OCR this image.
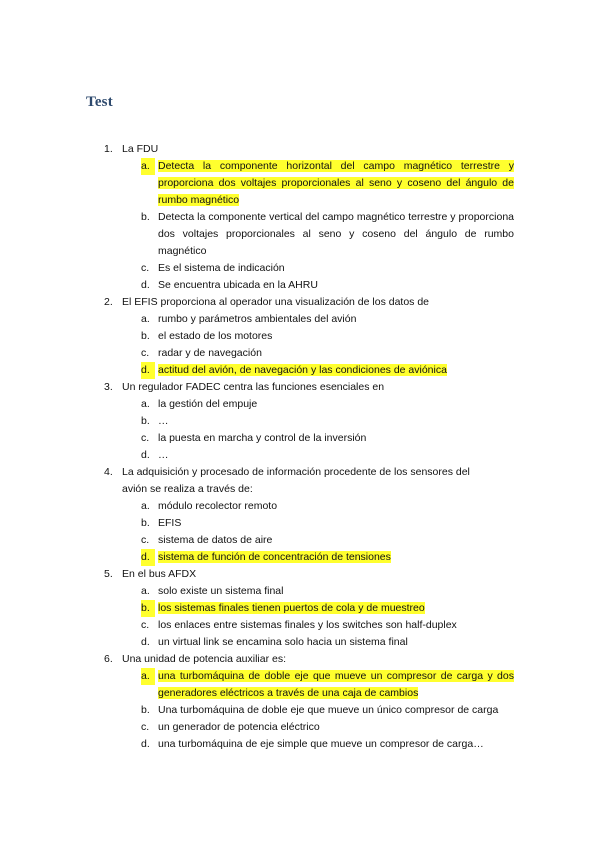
Test
1. La FDU
a. Detecta la componente horizontal del campo magnético terrestre y proporciona dos voltajes proporcionales al seno y coseno del ángulo de rumbo magnético
b. Detecta la componente vertical del campo magnético terrestre y proporciona dos voltajes proporcionales al seno y coseno del ángulo de rumbo magnético
c. Es el sistema de indicación
d. Se encuentra ubicada en la AHRU
2. El EFIS proporciona al operador una visualización de los datos de
a. rumbo y parámetros ambientales del avión
b. el estado de los motores
c. radar y de navegación
d. actitud del avión, de navegación y las condiciones de aviónica
3. Un regulador FADEC centra las funciones esenciales en
a. la gestión del empuje
b. …
c. la puesta en marcha y control de la inversión
d. …
4. La adquisición y procesado de información procedente de los sensores del avión se realiza a través de:
a. módulo recolector remoto
b. EFIS
c. sistema de datos de aire
d. sistema de función de concentración de tensiones
5. En el bus AFDX
a. solo existe un sistema final
b. los sistemas finales tienen puertos de cola y de muestreo
c. los enlaces entre sistemas finales y los switches son half-duplex
d. un virtual link se encamina solo hacia un sistema final
6. Una unidad de potencia auxiliar es:
a. una turbomáquina de doble eje que mueve un compresor de carga y dos generadores eléctricos a través de una caja de cambios
b. Una turbomáquina de doble eje que mueve un único compresor de carga
c. un generador de potencia eléctrico
d. una turbomáquina de eje simple que mueve un compresor de carga…
